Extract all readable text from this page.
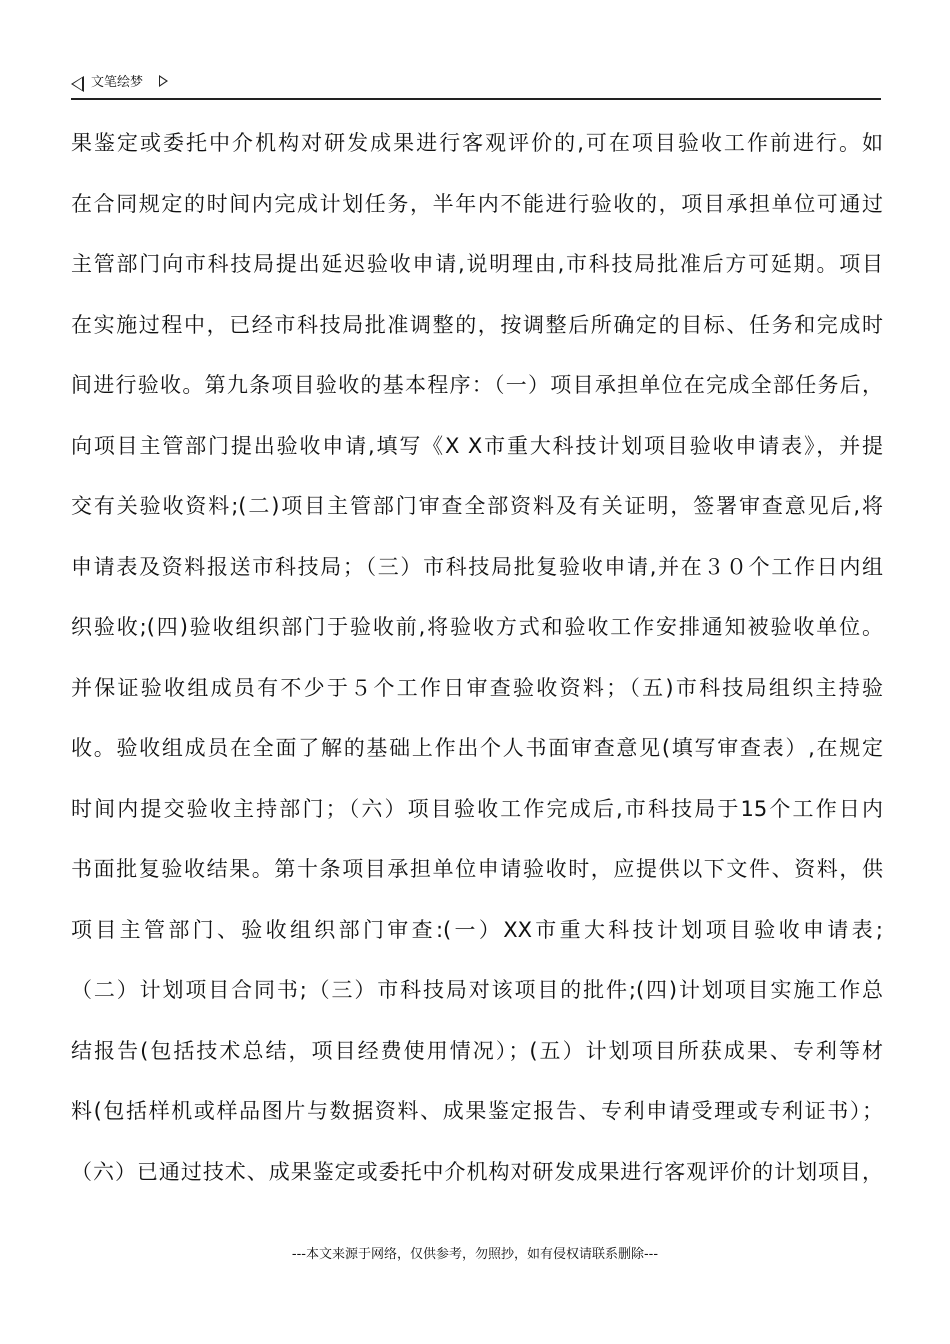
文笔绘梦
果鉴定或委托中介机构对研发成果进行客观评价的,可在项目验收工作前进行。如
在合同规定的时间内完成计划任务，半年内不能进行验收的，项目承担单位可通过
主管部门向市科技局提出延迟验收申请,说明理由,市科技局批准后方可延期。项目
在实施过程中，已经市科技局批准调整的，按调整后所确定的目标、任务和完成时
间进行验收。第九条项目验收的基本程序：（一）项目承担单位在完成全部任务后，
向项目主管部门提出验收申请,填写《X X市重大科技计划项目验收申请表》，并提
交有关验收资料;(二)项目主管部门审查全部资料及有关证明，签署审查意见后,将
申请表及资料报送市科技局；（三）市科技局批复验收申请,并在３０个工作日内组
织验收;(四)验收组织部门于验收前,将验收方式和验收工作安排通知被验收单位。
并保证验收组成员有不少于５个工作日审查验收资料；（五)市科技局组织主持验
收。验收组成员在全面了解的基础上作出个人书面审查意见(填写审查表）,在规定
时间内提交验收主持部门；（六）项目验收工作完成后,市科技局于15个工作日内
书面批复验收结果。第十条项目承担单位申请验收时，应提供以下文件、资料，供
项目主管部门、验收组织部门审查:(一）XX市重大科技计划项目验收申请表;
（二）计划项目合同书;（三）市科技局对该项目的批件;(四)计划项目实施工作总
结报告(包括技术总结，项目经费使用情况）；(五）计划项目所获成果、专利等材
料(包括样机或样品图片与数据资料、成果鉴定报告、专利申请受理或专利证书）；
（六）已通过技术、成果鉴定或委托中介机构对研发成果进行客观评价的计划项目，
---本文来源于网络，仅供参考，勿照抄，如有侵权请联系删除---
